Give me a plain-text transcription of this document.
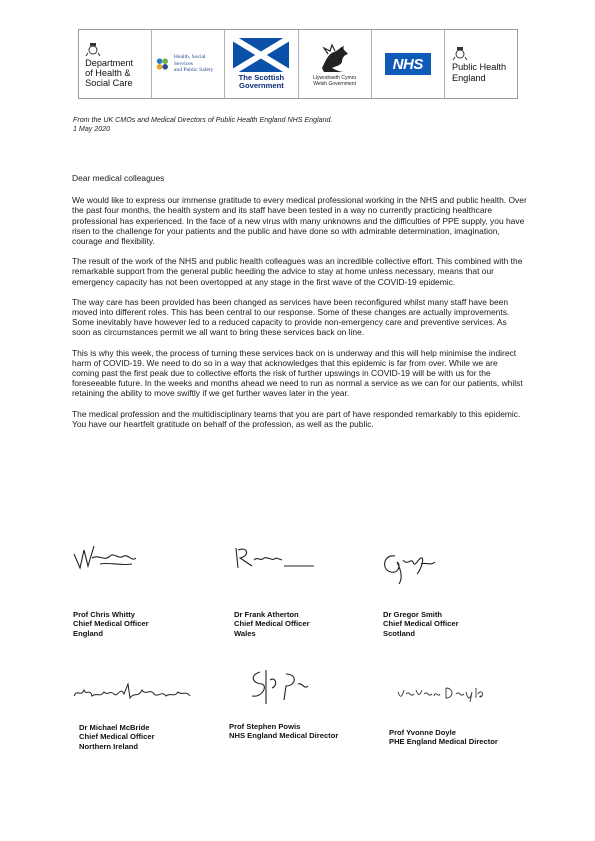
Department
of Health &
Social Care
Health, Social Services
and Public Safety
The Scottish
Government
Llywodraeth Cymru
Welsh Government
NHS	Public Health
England
From the UK CMOs and Medical Directors of Public Health England NHS England.
1 May 2020

Dear medical colleagues

We would like to express our immense gratitude to every medical professional working in the NHS and public health. Over the past four months, the health system and its staff have been tested in a way no currently practicing healthcare professional has experienced. In the face of a new virus with many unknowns and the difficulties of PPE supply, you have risen to the challenge for your patients and the public and have done so with admirable determination, imagination, courage and flexibility.

The result of the work of the NHS and public health colleagues was an incredible collective effort. This combined with the remarkable support from the general public heeding the advice to stay at home unless necessary, means that our emergency capacity has not been overtopped at any stage in the first wave of the COVID-19 epidemic.

The way care has been provided has been changed as services have been reconfigured whilst many staff have been moved into different roles. This has been central to our response. Some of these changes are actually improvements. Some inevitably have however led to a reduced capacity to provide non-emergency care and preventive services. As soon as circumstances permit we all want to bring these services back on line.

This is why this week, the process of turning these services back on is underway and this will help minimise the indirect harm of COVID-19. We need to do so in a way that acknowledges that this epidemic is far from over. While we are coming past the first peak due to collective efforts the risk of further upswings in COVID-19 will be with us for the foreseeable future. In the weeks and months ahead we need to run as normal a service as we can for our patients, whilst retaining the ability to move swiftly if we get further waves later in the year.

The medical profession and the multidisciplinary teams that you are part of have responded remarkably to this epidemic. You have our heartfelt gratitude on behalf of the profession, as well as the public.

Prof Chris Whitty
Chief Medical Officer
England
Dr Frank Atherton
Chief Medical Officer
Wales
Dr Gregor Smith
Chief Medical Officer
Scotland
Dr Michael McBride
Chief Medical Officer
Northern Ireland
Prof Stephen Powis
NHS England Medical Director	Prof Yvonne Doyle
PHE England Medical Director
